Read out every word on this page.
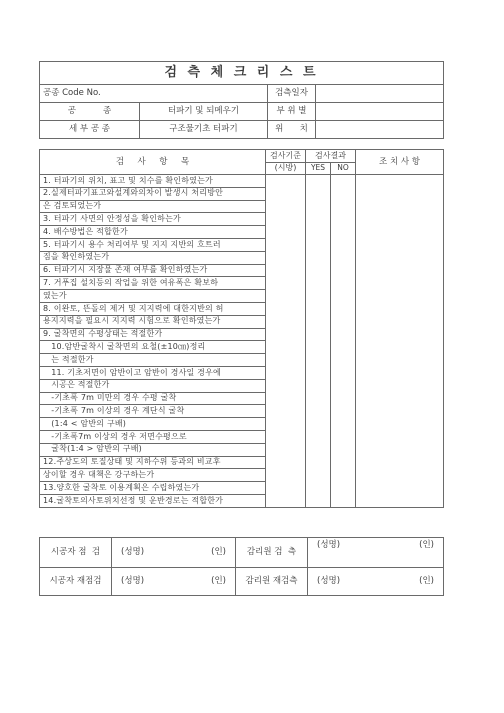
검 측 체 크 리 스 트			
공종 Code No.		검측일자	
공          종	터파기 및 되메우기	부 위 별	
세 부 공 종	구조물기초 터파기	위      치	
검     사     항     목	검사기준	검사결과		조 치 사 항
	(시방)	YES	NO	
1. 터파기의 위치, 표고 및 치수를 확인하였는가				
2.실제터파기표고와설계와의차이 발생시 처리방안				
은 검토되었는가				
3. 터파기 사면의 안정성을 확인하는가				
4. 배수방법은 적합한가				
5. 터파기시 용수 처리여부 및 지지 지반의 흐트러				
짐을 확인하였는가				
6. 터파기시 지장물 존재 여부를 확인하였는가				
7. 거푸집 설치등의 작업을 위한 여유폭은 확보하				
였는가				
8. 이완토, 뜬돌의 제거 및 지지력에 대한지반의 허				
용지지력을 필요시 지지력 시험으로 확인하였는가				
9. 굴착면의 수평상태는 적절한가				
10.암반굴착시 굴착면의 요철(±10㎝)정리				
는 적절한가				
11. 기초저면이 암반이고 암반이 경사일 경우에				
시공은 적절한가				
-기초폭 7m 미만의 경우 수평 굴착				
-기초폭 7m 이상의 경우 계단식 굴착				
(1:4 < 암반의 구배)				
-기초폭7m 이상의 경우 저면수평으로				
굴착(1:4 > 암반의 구배)				
12.주상도의 토질상태 및 지하수위 등과의 비교후				
상이할 경우 대책은 강구하는가				
13.양호한 굴착토 이용계획은 수립하였는가				
14.굴착토의사토위치선정 및 운반경로는 적합한가				
시공자 점  검	(성명) (인)	감리원 검  측	(성명) (인)

시공자 재점검	(성명) (인)	감리원 재검측	(성명) (인)
